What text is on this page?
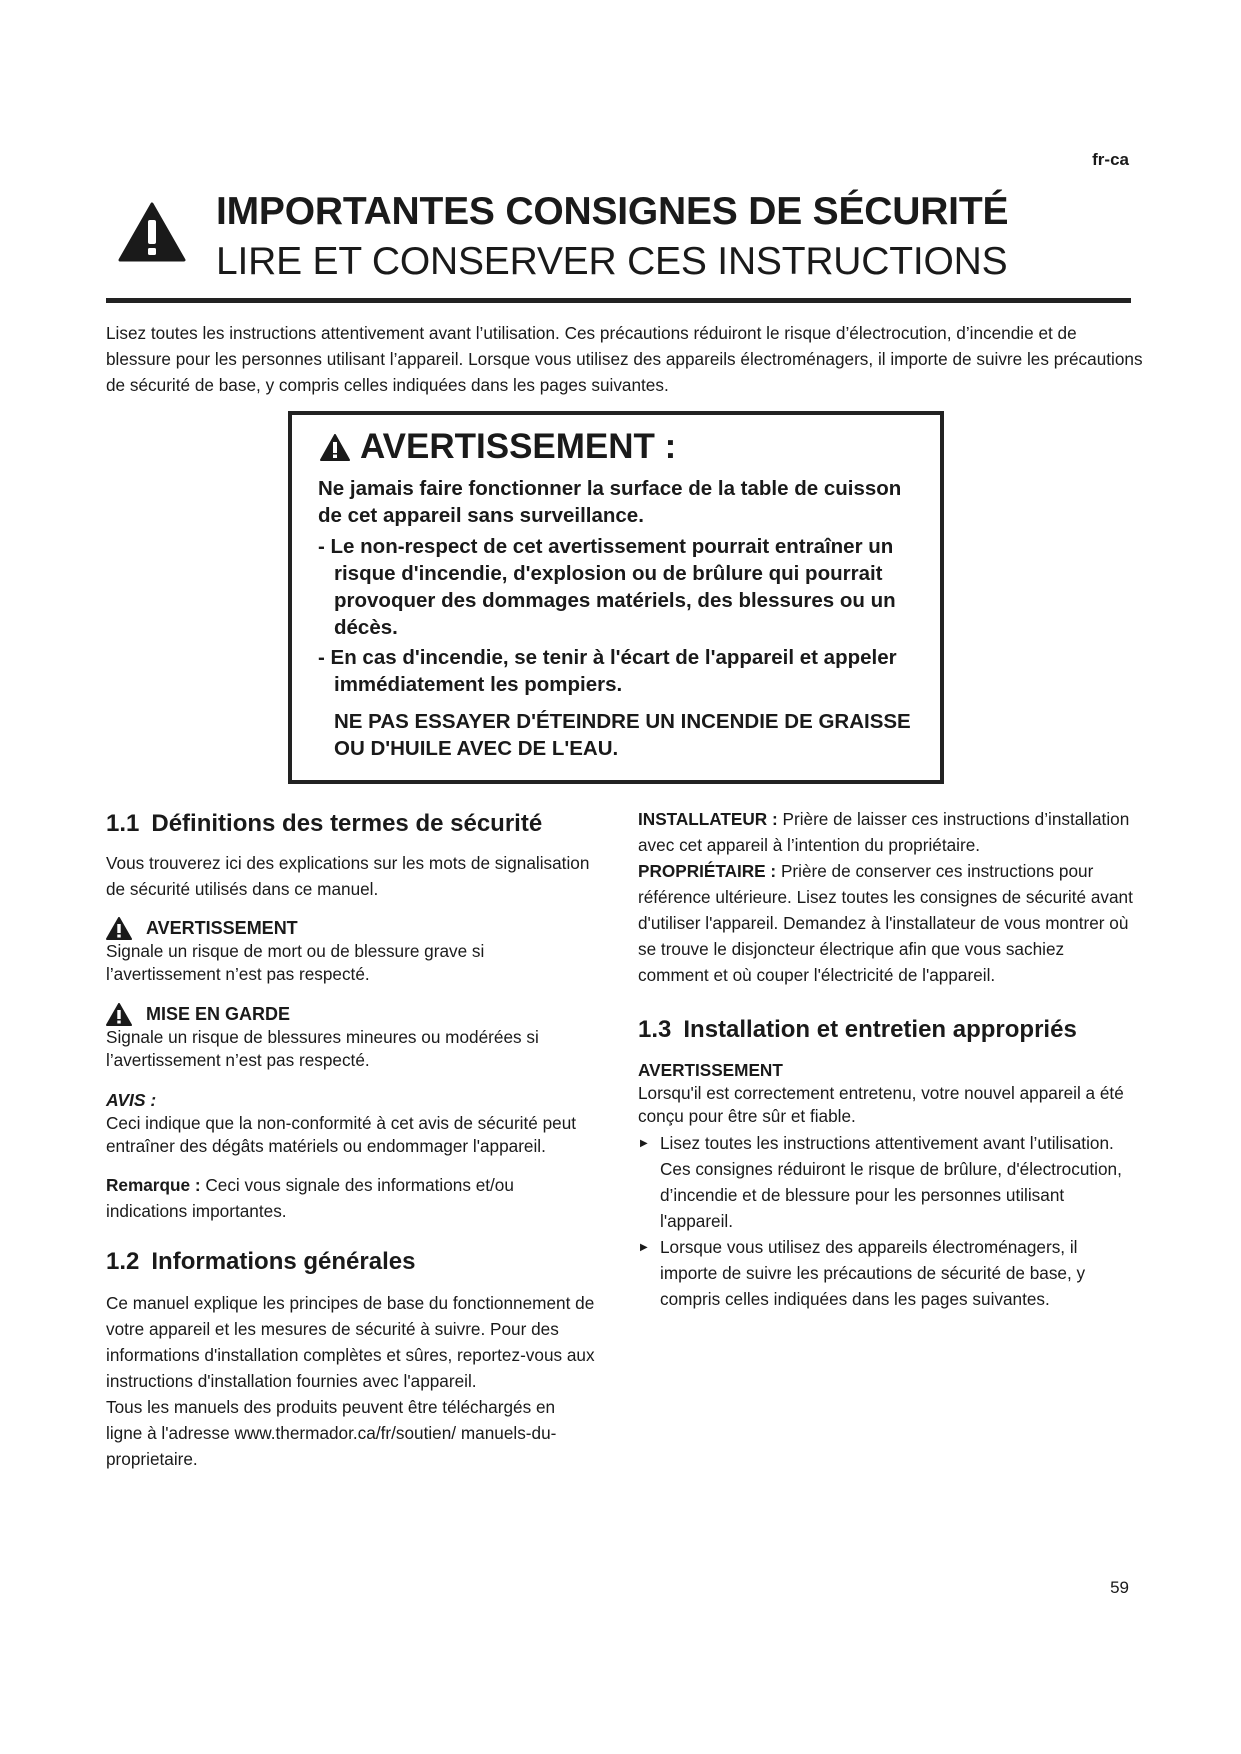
fr-ca
IMPORTANTES CONSIGNES DE SÉCURITÉ
LIRE ET CONSERVER CES INSTRUCTIONS

Lisez toutes les instructions attentivement avant l’utilisation. Ces précautions réduiront le risque d’électrocution, d’incendie et de blessure pour les personnes utilisant l’appareil. Lorsque vous utilisez des appareils électroménagers, il importe de suivre les précautions de sécurité de base, y compris celles indiquées dans les pages suivantes.

AVERTISSEMENT :
Ne jamais faire fonctionner la surface de la table de cuisson de cet appareil sans surveillance.
- Le non-respect de cet avertissement pourrait entraîner un risque d'incendie, d'explosion ou de brûlure qui pourrait provoquer des dommages matériels, des blessures ou un décès.
- En cas d'incendie, se tenir à l'écart de l'appareil et appeler immédiatement les pompiers.
NE PAS ESSAYER D'ÉTEINDRE UN INCENDIE DE GRAISSE OU D'HUILE AVEC DE L'EAU.
1.1 Définitions des termes de sécurité

Vous trouverez ici des explications sur les mots de signalisation de sécurité utilisés dans ce manuel.

AVERTISSEMENT

Signale un risque de mort ou de blessure grave si l’avertissement n’est pas respecté.

MISE EN GARDE

Signale un risque de blessures mineures ou modérées si l’avertissement n’est pas respecté.

AVIS :

Ceci indique que la non-conformité à cet avis de sécurité peut entraîner des dégâts matériels ou endommager l'appareil.

Remarque : Ceci vous signale des informations et/ou indications importantes.

1.2 Informations générales

Ce manuel explique les principes de base du fonctionnement de votre appareil et les mesures de sécurité à suivre. Pour des informations d'installation complètes et sûres, reportez-vous aux instructions d'installation fournies avec l'appareil.

Tous les manuels des produits peuvent être téléchargés en ligne à l'adresse www.thermador.ca/fr/soutien/ manuels-du-proprietaire.

INSTALLATEUR : Prière de laisser ces instructions d’installation avec cet appareil à l’intention du propriétaire.

PROPRIÉTAIRE : Prière de conserver ces instructions pour référence ultérieure. Lisez toutes les consignes de sécurité avant d'utiliser l'appareil. Demandez à l'installateur de vous montrer où se trouve le disjoncteur électrique afin que vous sachiez comment et où couper l'électricité de l'appareil.

1.3 Installation et entretien appropriés

AVERTISSEMENT

Lorsqu'il est correctement entretenu, votre nouvel appareil a été conçu pour être sûr et fiable.

▶ Lisez toutes les instructions attentivement avant l’utilisation. Ces consignes réduiront le risque de brûlure, d'électrocution, d’incendie et de blessure pour les personnes utilisant l'appareil.
▶ Lorsque vous utilisez des appareils électroménagers, il importe de suivre les précautions de sécurité de base, y compris celles indiquées dans les pages suivantes.
59
